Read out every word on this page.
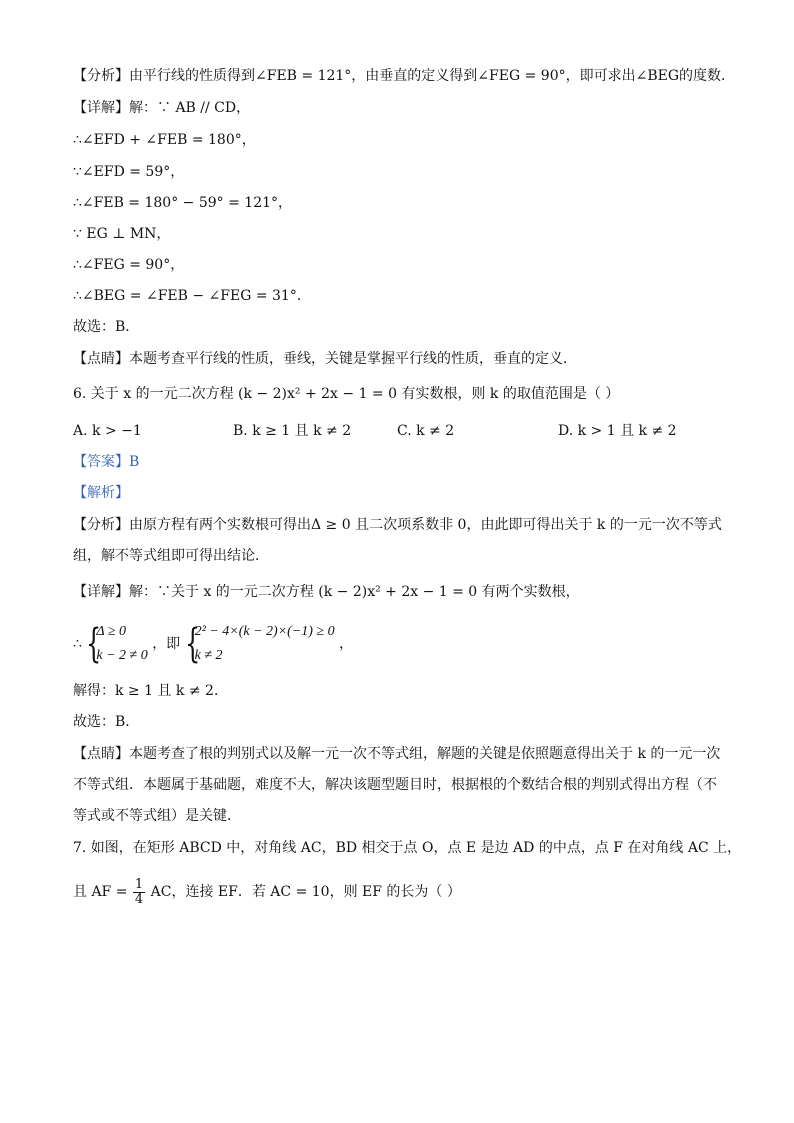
【分析】由平行线的性质得到∠FEB = 121°，由垂直的定义得到∠FEG = 90°，即可求出∠BEG的度数．
【详解】解：∵ AB // CD，
∴∠EFD + ∠FEB = 180°，
∵∠EFD = 59°，
∴∠FEB = 180° − 59° = 121°，
∵ EG ⊥ MN，
∴∠FEG = 90°，
∴∠BEG = ∠FEB − ∠FEG = 31°．
故选：B．
【点睛】本题考查平行线的性质，垂线，关键是掌握平行线的性质，垂直的定义．
6. 关于 x 的一元二次方程 (k − 2)x² + 2x − 1 = 0 有实数根，则 k 的取值范围是（ ）
A. k > −1	B. k ≥ 1 且 k ≠ 2	C. k ≠ 2	D. k > 1 且 k ≠ 2
【答案】B
【解析】
【分析】由原方程有两个实数根可得出Δ ≥ 0 且二次项系数非 0，由此即可得出关于 k 的一元一次不等式
组，解不等式组即可得出结论．
【详解】解：∵关于 x 的一元二次方程 (k − 2)x² + 2x − 1 = 0 有两个实数根，
∴ {
Δ ≥ 0
k − 2 ≠ 0
，即 {
2² − 4×(k − 2)×(−1) ≥ 0
k ≠ 2
，
解得：k ≥ 1 且 k ≠ 2．
故选：B．
【点睛】本题考查了根的判别式以及解一元一次不等式组，解题的关键是依照题意得出关于 k 的一元一次
不等式组．本题属于基础题，难度不大，解决该题型题目时，根据根的个数结合根的判别式得出方程（不
等式或不等式组）是关键．
7. 如图，在矩形 ABCD 中，对角线 AC，BD 相交于点 O，点 E 是边 AD 的中点，点 F 在对角线 AC 上，
且 AF = $\frac{1}{4}$ AC，连接 EF．若 AC = 10，则 EF 的长为（ ）
